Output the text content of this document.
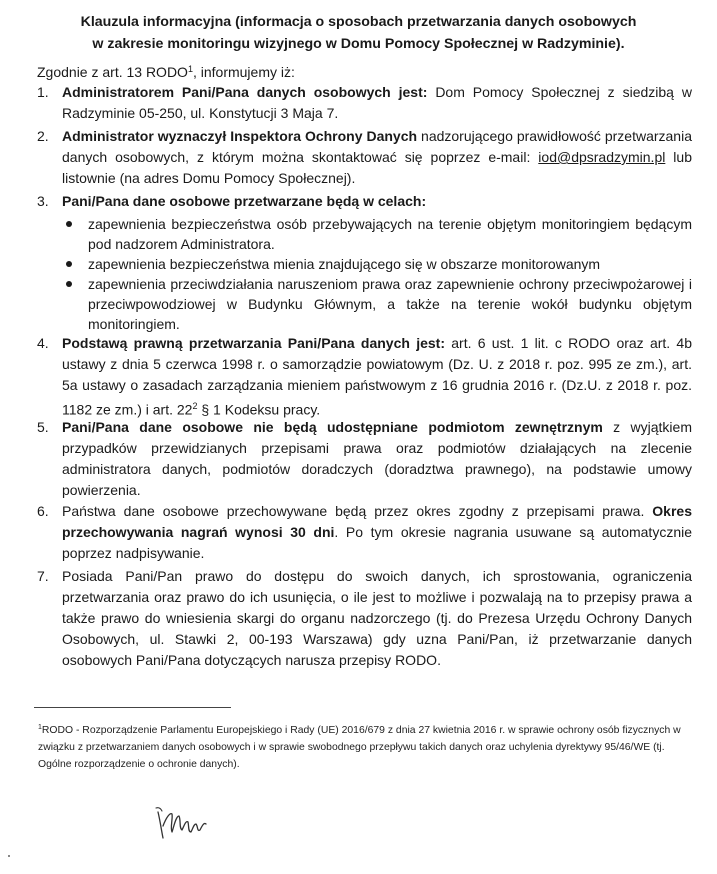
Klauzula informacyjna (informacja o sposobach przetwarzania danych osobowych
w zakresie monitoringu wizyjnego w Domu Pomocy Społecznej w Radzyminie).
Zgodnie z art. 13 RODO$^1$, informujemy iż:
1. Administratorem Pani/Pana danych osobowych jest: Dom Pomocy Społecznej z siedzibą w Radzyminie 05-250, ul. Konstytucji 3 Maja 7.
2. Administrator wyznaczył Inspektora Ochrony Danych nadzorującego prawidłowość przetwarzania danych osobowych, z którym można skontaktować się poprzez e-mail: iod@dpsradzymin.pl lub listownie (na adres Domu Pomocy Społecznej).
3. Pani/Pana dane osobowe przetwarzane będą w celach:
zapewnienia bezpieczeństwa osób przebywających na terenie objętym monitoringiem będącym pod nadzorem Administratora.
zapewnienia bezpieczeństwa mienia znajdującego się w obszarze monitorowanym
zapewnienia przeciwdziałania naruszeniom prawa oraz zapewnienie ochrony przeciwpożarowej i przeciwpowodziowej w Budynku Głównym, a także na terenie wokół budynku objętym monitoringiem.
4. Podstawą prawną przetwarzania Pani/Pana danych jest: art. 6 ust. 1 lit. c RODO oraz art. 4b ustawy z dnia 5 czerwca 1998 r. o samorządzie powiatowym (Dz. U. z 2018 r. poz. 995 ze zm.), art. 5a ustawy o zasadach zarządzania mieniem państwowym z 16 grudnia 2016 r. (Dz.U. z 2018 r. poz. 1182 ze zm.) i art. $22^2$ § 1 Kodeksu pracy.
5. Pani/Pana dane osobowe nie będą udostępniane podmiotom zewnętrznym z wyjątkiem przypadków przewidzianych przepisami prawa oraz podmiotów działających na zlecenie administratora danych, podmiotów doradczych (doradztwa prawnego), na podstawie umowy powierzenia.
6. Państwa dane osobowe przechowywane będą przez okres zgodny z przepisami prawa. Okres przechowywania nagrań wynosi 30 dni. Po tym okresie nagrania usuwane są automatycznie poprzez nadpisywanie.
7. Posiada Pani/Pan prawo do dostępu do swoich danych, ich sprostowania, ograniczenia przetwarzania oraz prawo do ich usunięcia, o ile jest to możliwe i pozwalają na to przepisy prawa a także prawo do wniesienia skargi do organu nadzorczego (tj. do Prezesa Urzędu Ochrony Danych Osobowych, ul. Stawki 2, 00-193 Warszawa) gdy uzna Pani/Pan, iż przetwarzanie danych osobowych Pani/Pana dotyczących narusza przepisy RODO.
$^1$RODO - Rozporządzenie Parlamentu Europejskiego i Rady (UE) 2016/679 z dnia 27 kwietnia 2016 r. w sprawie ochrony osób fizycznych w związku z przetwarzaniem danych osobowych i w sprawie swobodnego przepływu takich danych oraz uchylenia dyrektywy 95/46/WE (tj. Ogólne rozporządzenie o ochronie danych).
